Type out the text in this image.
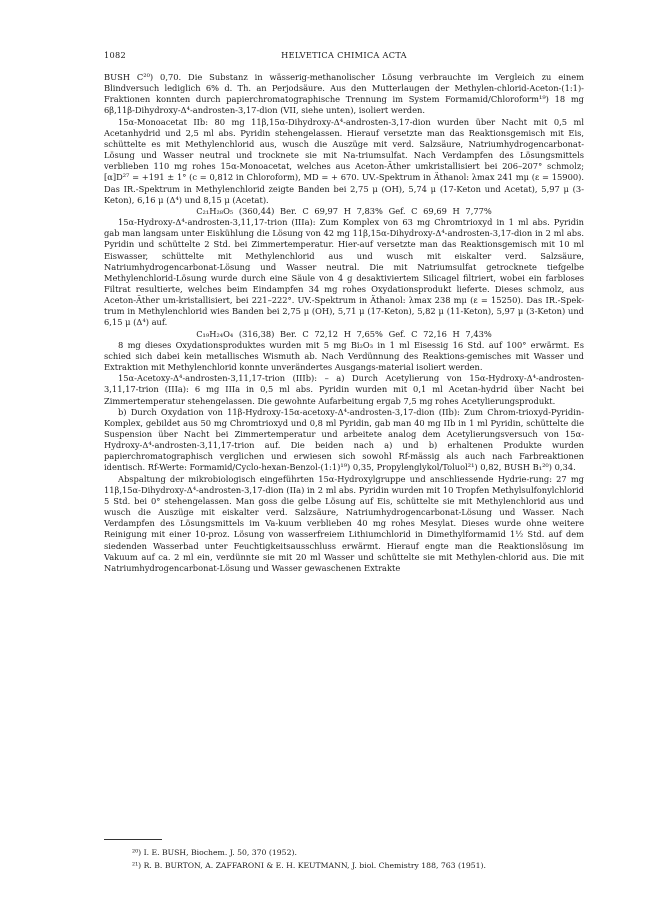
1082	HELVETICA CHIMICA ACTA

BUSH C²⁰) 0,70. Die Substanz in wässerig-methanolischer Lösung verbrauchte im Vergleich zu einem Blindversuch lediglich 6% d. Th. an Perjodsäure. Aus den Mutterlaugen der Methylen-chlorid-Aceton-(1:1)-Fraktionen konnten durch papierchromatographische Trennung im System Formamid/Chloroform¹⁹) 18 mg 6β,11β-Dihydroxy-Δ⁴-androsten-3,17-dion (VII, siehe unten), isoliert werden.

15α-Monoacetat IIb: 80 mg 11β,15α-Dihydroxy-Δ⁴-androsten-3,17-dion wurden über Nacht mit 0,5 ml Acetanhydrid und 2,5 ml abs. Pyridin stehengelassen. Hierauf versetzte man das Reaktionsgemisch mit Eis, schüttelte es mit Methylenchlorid aus, wusch die Auszüge mit verd. Salzsäure, Natriumhydrogencarbonat-Lösung und Wasser neutral und trocknete sie mit Na-triumsulfat. Nach Verdampfen des Lösungsmittels verblieben 110 mg rohes 15α-Monoacetat, welches aus Aceton-Äther umkristallisiert bei 206–207° schmolz; [α]D²⁷ = +191 ± 1° (c = 0,812 in Chloroform), MD = + 670. UV.-Spektrum in Äthanol: λmax 241 mμ (ε = 15900). Das IR.-Spektrum in Methylenchlorid zeigte Banden bei 2,75 μ (OH), 5,74 μ (17-Keton und Acetat), 5,97 μ (3-Keton), 6,16 μ (Δ⁴) und 8,15 μ (Acetat).

C₂₁H₂₈O₅ (360,44) Ber. C 69,97 H 7,83% Gef. C 69,69 H 7,77%

15α-Hydroxy-Δ⁴-androsten-3,11,17-trion (IIIa): Zum Komplex von 63 mg Chromtrioxyd in 1 ml abs. Pyridin gab man langsam unter Eiskühlung die Lösung von 42 mg 11β,15α-Dihydroxy-Δ⁴-androsten-3,17-dion in 2 ml abs. Pyridin und schüttelte 2 Std. bei Zimmertemperatur. Hier-auf versetzte man das Reaktionsgemisch mit 10 ml Eiswasser, schüttelte mit Methylenchlorid aus und wusch mit eiskalter verd. Salzsäure, Natriumhydrogencarbonat-Lösung und Wasser neutral. Die mit Natriumsulfat getrocknete tiefgelbe Methylenchlorid-Lösung wurde durch eine Säule von 4 g desaktiviertem Silicagel filtriert, wobei ein farbloses Filtrat resultierte, welches beim Eindampfen 34 mg rohes Oxydationsprodukt lieferte. Dieses schmolz, aus Aceton-Äther um-kristallisiert, bei 221–222°. UV.-Spektrum in Äthanol: λmax 238 mμ (ε = 15250). Das IR.-Spek-trum in Methylenchlorid wies Banden bei 2,75 μ (OH), 5,71 μ (17-Keton), 5,82 μ (11-Keton), 5,97 μ (3-Keton) und 6,15 μ (Δ⁴) auf.

C₁₉H₂₄O₄ (316,38) Ber. C 72,12 H 7,65% Gef. C 72,16 H 7,43%

8 mg dieses Oxydationsproduktes wurden mit 5 mg Bi₂O₃ in 1 ml Eisessig 16 Std. auf 100° erwärmt. Es schied sich dabei kein metallisches Wismuth ab. Nach Verdünnung des Reaktions-gemisches mit Wasser und Extraktion mit Methylenchlorid konnte unverändertes Ausgangs-material isoliert werden.

15α-Acetoxy-Δ⁴-androsten-3,11,17-trion (IIIb): – a) Durch Acetylierung von 15α-Hydroxy-Δ⁴-androsten-3,11,17-trion (IIIa): 6 mg IIIa in 0,5 ml abs. Pyridin wurden mit 0,1 ml Acetan-hydrid über Nacht bei Zimmertemperatur stehengelassen. Die gewohnte Aufarbeitung ergab 7,5 mg rohes Acetylierungsprodukt.

b) Durch Oxydation von 11β-Hydroxy-15α-acetoxy-Δ⁴-androsten-3,17-dion (IIb): Zum Chrom-trioxyd-Pyridin-Komplex, gebildet aus 50 mg Chromtrioxyd und 0,8 ml Pyridin, gab man 40 mg IIb in 1 ml Pyridin, schüttelte die Suspension über Nacht bei Zimmertemperatur und arbeitete analog dem Acetylierungsversuch von 15α-Hydroxy-Δ⁴-androsten-3,11,17-trion auf. Die beiden nach a) und b) erhaltenen Produkte wurden papierchromatographisch verglichen und erwiesen sich sowohl Rf-mässig als auch nach Farbreaktionen identisch. Rf-Werte: Formamid/Cyclo-hexan-Benzol-(1:1)¹⁹) 0,35, Propylenglykol/Toluol²¹) 0,82, BUSH B₁²⁰) 0,34.

Abspaltung der mikrobiologisch eingeführten 15α-Hydroxylgruppe und anschliessende Hydrie-rung: 27 mg 11β,15α-Dihydroxy-Δ⁴-androsten-3,17-dion (IIa) in 2 ml abs. Pyridin wurden mit 10 Tropfen Methylsulfonylchlorid 5 Std. bei 0° stehengelassen. Man goss die gelbe Lösung auf Eis, schüttelte sie mit Methylenchlorid aus und wusch die Auszüge mit eiskalter verd. Salzsäure, Natriumhydrogencarbonat-Lösung und Wasser. Nach Verdampfen des Lösungsmittels im Va-kuum verblieben 40 mg rohes Mesylat. Dieses wurde ohne weitere Reinigung mit einer 10-proz. Lösung von wasserfreiem Lithiumchlorid in Dimethylformamid 1½ Std. auf dem siedenden Wasserbad unter Feuchtigkeitsausschluss erwärmt. Hierauf engte man die Reaktionslösung im Vakuum auf ca. 2 ml ein, verdünnte sie mit 20 ml Wasser und schüttelte sie mit Methylen-chlorid aus. Die mit Natriumhydrogencarbonat-Lösung und Wasser gewaschenen Extrakte

²⁰) I. E. BUSH, Biochem. J. 50, 370 (1952).

²¹) R. B. BURTON, A. ZAFFARONI & E. H. KEUTMANN, J. biol. Chemistry 188, 763 (1951).
